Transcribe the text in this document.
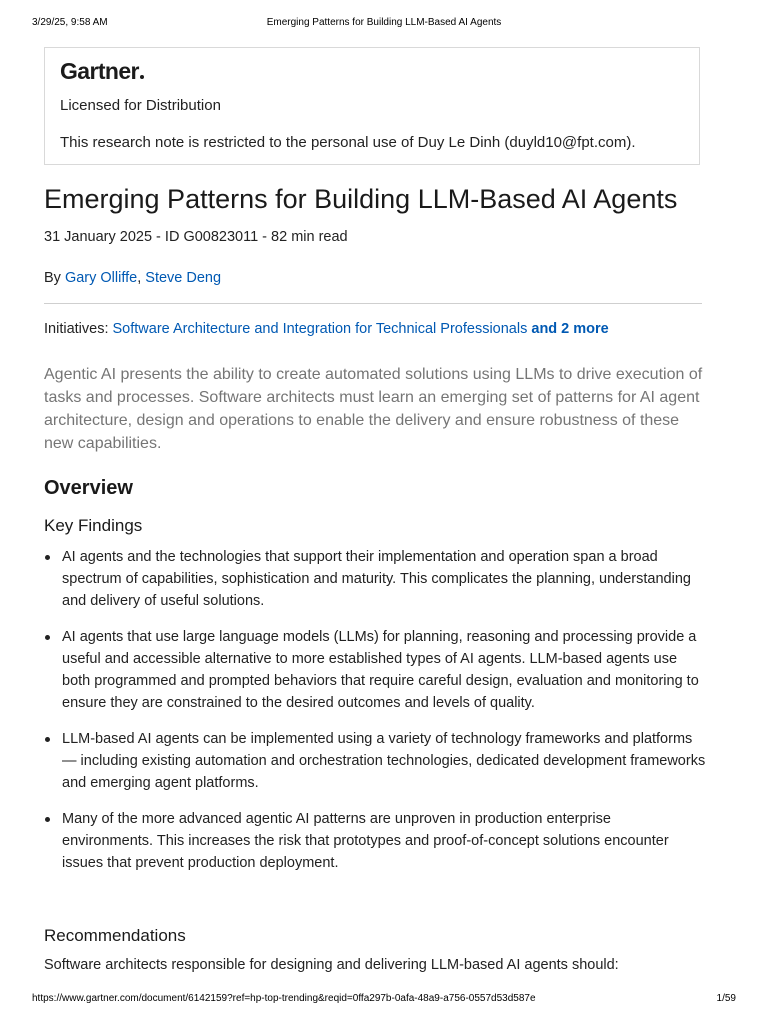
3/29/25, 9:58 AM	Emerging Patterns for Building LLM-Based AI Agents
Gartner
Licensed for Distribution
This research note is restricted to the personal use of Duy Le Dinh (duyld10@fpt.com).
Emerging Patterns for Building LLM-Based AI Agents
31 January 2025 - ID G00823011 - 82 min read
By Gary Olliffe, Steve Deng
Initiatives: Software Architecture and Integration for Technical Professionals and 2 more

Agentic AI presents the ability to create automated solutions using LLMs to drive execution of tasks and processes. Software architects must learn an emerging set of patterns for AI agent architecture, design and operations to enable the delivery and ensure robustness of these new capabilities.

Overview
Key Findings
AI agents and the technologies that support their implementation and operation span a broad spectrum of capabilities, sophistication and maturity. This complicates the planning, understanding and delivery of useful solutions.
AI agents that use large language models (LLMs) for planning, reasoning and processing provide a useful and accessible alternative to more established types of AI agents. LLM-based agents use both programmed and prompted behaviors that require careful design, evaluation and monitoring to ensure they are constrained to the desired outcomes and levels of quality.
LLM-based AI agents can be implemented using a variety of technology frameworks and platforms — including existing automation and orchestration technologies, dedicated development frameworks and emerging agent platforms.
Many of the more advanced agentic AI patterns are unproven in production enterprise environments. This increases the risk that prototypes and proof-of-concept solutions encounter issues that prevent production deployment.
Recommendations
Software architects responsible for designing and delivering LLM-based AI agents should:
https://www.gartner.com/document/6142159?ref=hp-top-trending&reqid=0ffa297b-0afa-48a9-a756-0557d53d587e	1/59
